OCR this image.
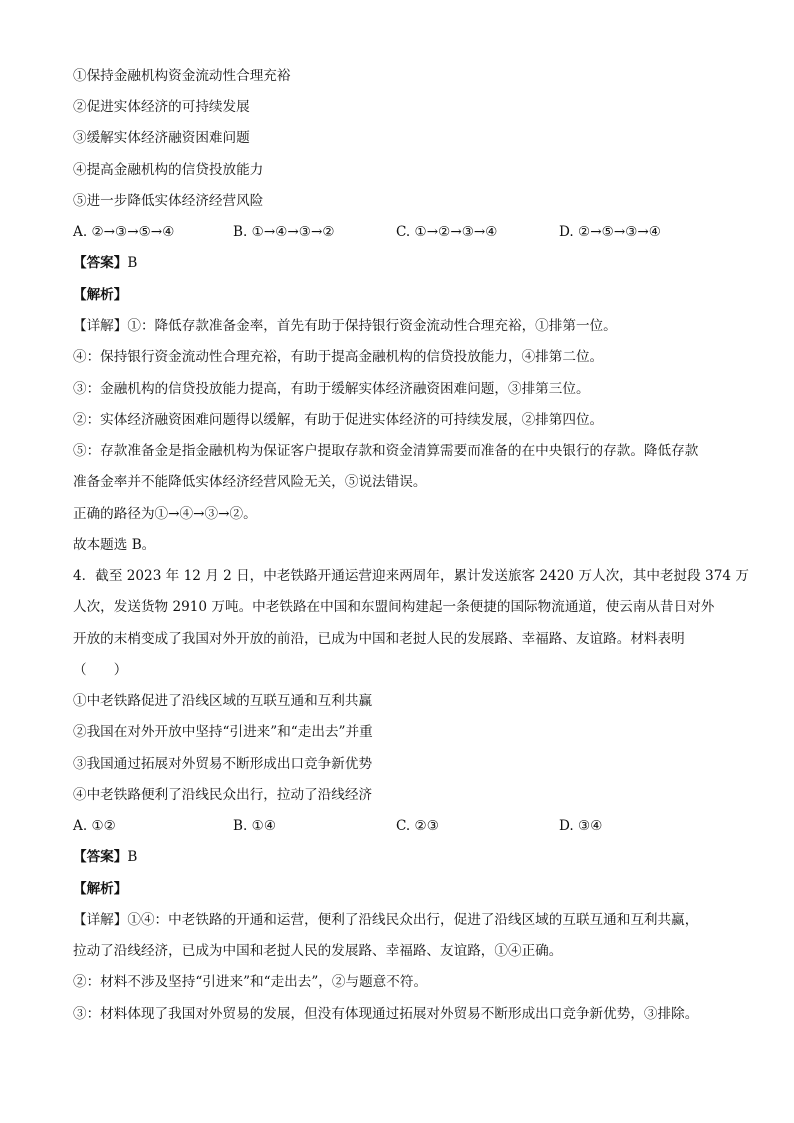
①保持金融机构资金流动性合理充裕
②促进实体经济的可持续发展
③缓解实体经济融资困难问题
④提高金融机构的信贷投放能力
⑤进一步降低实体经济经营风险
A. ②→③→⑤→④	B. ①→④→③→②	C. ①→②→③→④	D. ②→⑤→③→④
【答案】B
【解析】
【详解】①：降低存款准备金率，首先有助于保持银行资金流动性合理充裕，①排第一位。
④：保持银行资金流动性合理充裕，有助于提高金融机构的信贷投放能力，④排第二位。
③：金融机构的信贷投放能力提高，有助于缓解实体经济融资困难问题，③排第三位。
②：实体经济融资困难问题得以缓解，有助于促进实体经济的可持续发展，②排第四位。
⑤：存款准备金是指金融机构为保证客户提取存款和资金清算需要而准备的在中央银行的存款。降低存款
准备金率并不能降低实体经济经营风险无关，⑤说法错误。
正确的路径为①→④→③→②。
故本题选 B。
4．截至 2023 年 12 月 2 日，中老铁路开通运营迎来两周年，累计发送旅客 2420 万人次，其中老挝段 374 万
人次，发送货物 2910 万吨。中老铁路在中国和东盟间构建起一条便捷的国际物流通道，使云南从昔日对外
开放的末梢变成了我国对外开放的前沿，已成为中国和老挝人民的发展路、幸福路、友谊路。材料表明
（　　）
①中老铁路促进了沿线区域的互联互通和互利共赢
②我国在对外开放中坚持“引进来”和“走出去”并重
③我国通过拓展对外贸易不断形成出口竞争新优势
④中老铁路便利了沿线民众出行，拉动了沿线经济
A. ①②	B. ①④	C. ②③	D. ③④
【答案】B
【解析】
【详解】①④：中老铁路的开通和运营，便利了沿线民众出行，促进了沿线区域的互联互通和互利共赢，
拉动了沿线经济，已成为中国和老挝人民的发展路、幸福路、友谊路，①④正确。
②：材料不涉及坚持“引进来”和“走出去”，②与题意不符。
③：材料体现了我国对外贸易的发展，但没有体现通过拓展对外贸易不断形成出口竞争新优势，③排除。
